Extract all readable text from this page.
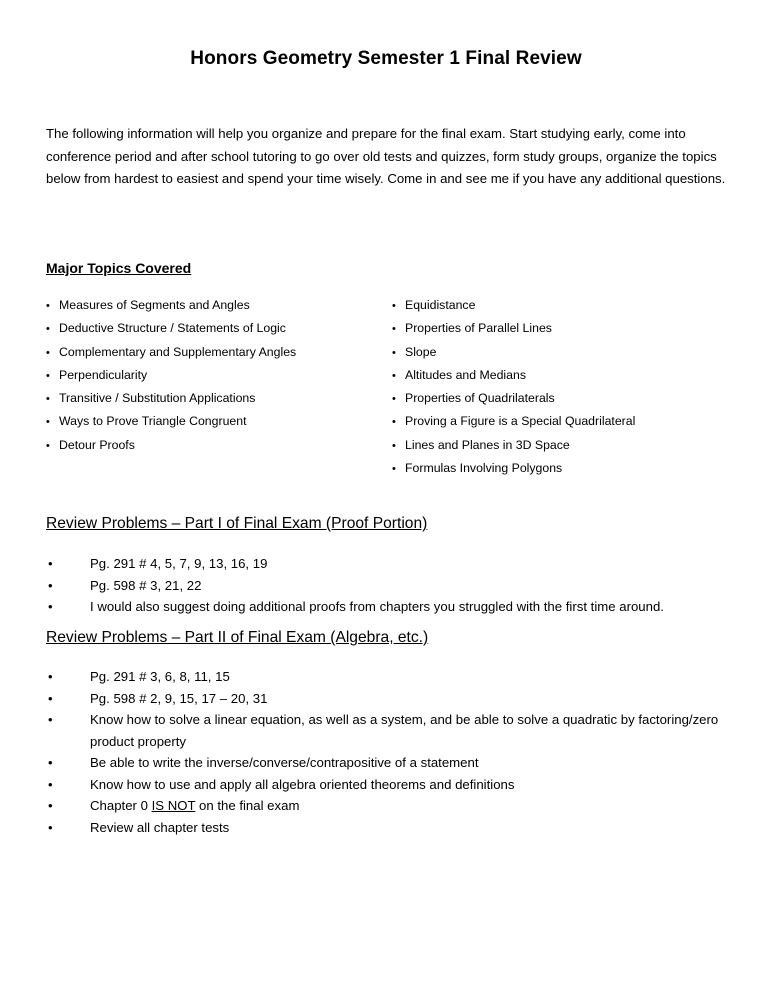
Honors Geometry Semester 1 Final Review
The following information will help you organize and prepare for the final exam. Start studying early, come into conference period and after school tutoring to go over old tests and quizzes, form study groups, organize the topics below from hardest to easiest and spend your time wisely. Come in and see me if you have any additional questions.
Major Topics Covered
• Measures of Segments and Angles
• Deductive Structure / Statements of Logic
• Complementary and Supplementary Angles
• Perpendicularity
• Transitive / Substitution Applications
• Ways to Prove Triangle Congruent
• Detour Proofs
• Equidistance
• Properties of Parallel Lines
• Slope
• Altitudes and Medians
• Properties of Quadrilaterals
• Proving a Figure is a Special Quadrilateral
• Lines and Planes in 3D Space
• Formulas Involving Polygons
Review Problems – Part I of Final Exam (Proof Portion)
•	Pg. 291 # 4, 5, 7, 9, 13, 16, 19
•	Pg. 598 # 3, 21, 22
•	I would also suggest doing additional proofs from chapters you struggled with the first time around.
Review Problems – Part II of Final Exam (Algebra, etc.)
•	Pg. 291 # 3, 6, 8, 11, 15
•	Pg. 598 # 2, 9, 15, 17 – 20, 31
•	Know how to solve a linear equation, as well as a system, and be able to solve a quadratic by factoring/zero product property
•	Be able to write the inverse/converse/contrapositive of a statement
•	Know how to use and apply all algebra oriented theorems and definitions
•	Chapter 0 IS NOT on the final exam
•	Review all chapter tests
